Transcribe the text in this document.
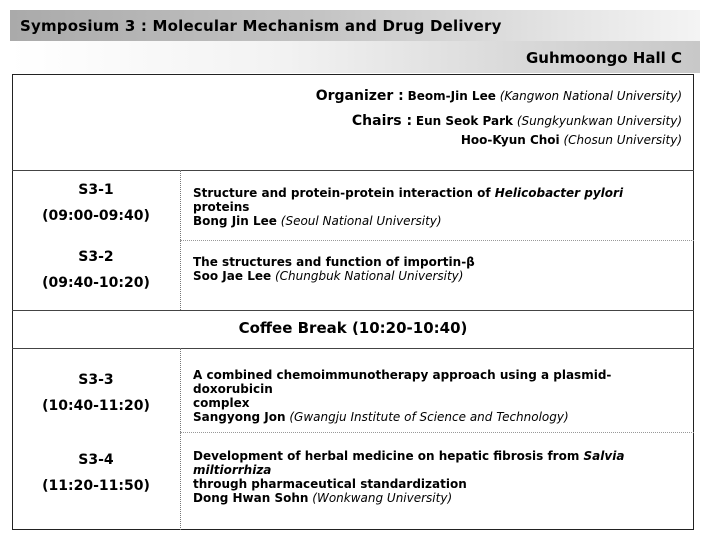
Symposium 3 : Molecular Mechanism and Drug Delivery
Guhmoongo Hall C
Organizer : Beom-Jin Lee (Kangwon National University)
Chairs : Eun Seok Park (Sungkyunkwan University)
Hoo-Kyun Choi (Chosun University)
S3-1
(09:00-09:40)
Structure and protein-protein interaction of Helicobacter pylori proteins
Bong Jin Lee (Seoul National University)
S3-2
(09:40-10:20)
The structures and function of importin-β
Soo Jae Lee (Chungbuk National University)
Coffee Break (10:20-10:40)
S3-3
(10:40-11:20)
A combined chemoimmunotherapy approach using a plasmid-doxorubicin
complex
Sangyong Jon (Gwangju Institute of Science and Technology)
S3-4
(11:20-11:50)
Development of herbal medicine on hepatic fibrosis from Salvia miltiorrhiza
through pharmaceutical standardization
Dong Hwan Sohn (Wonkwang University)
